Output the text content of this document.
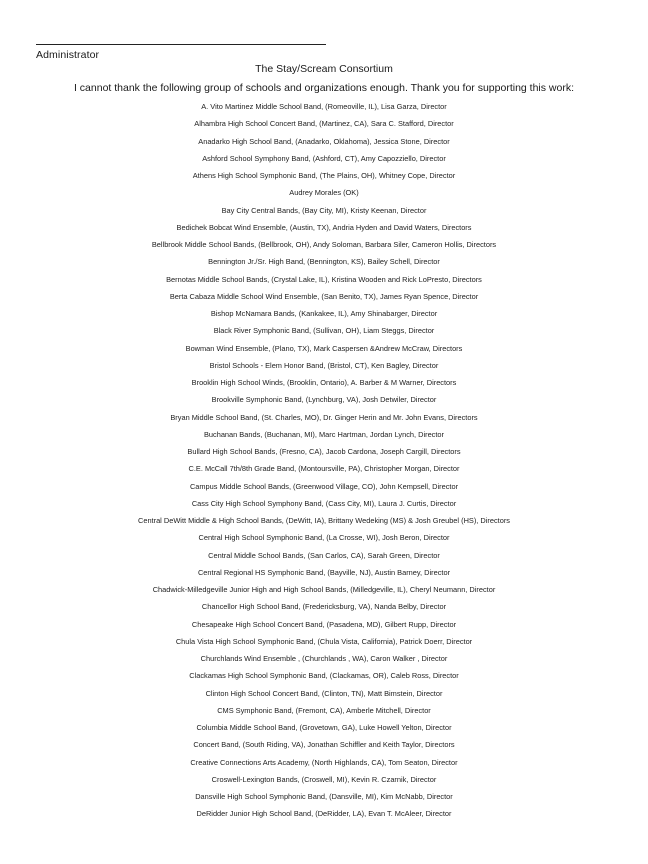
Administrator
The Stay/Scream Consortium
I cannot thank the following group of schools and organizations enough. Thank you for supporting this work:
A. Vito Martinez Middle School Band, (Romeoville, IL), Lisa Garza, Director
Alhambra High School Concert Band, (Martinez, CA), Sara C. Stafford, Director
Anadarko High School Band, (Anadarko, Oklahoma), Jessica Stone, Director
Ashford School Symphony Band, (Ashford, CT), Amy Capozziello, Director
Athens High School Symphonic Band, (The Plains, OH), Whitney Cope, Director
Audrey Morales (OK)
Bay City Central Bands, (Bay City, MI), Kristy Keenan, Director
Bedichek Bobcat Wind Ensemble, (Austin, TX), Andria Hyden and David Waters, Directors
Bellbrook Middle School Bands, (Bellbrook, OH), Andy Soloman, Barbara Siler, Cameron Hollis, Directors
Bennington Jr./Sr. High Band, (Bennington, KS), Bailey Schell, Director
Bernotas Middle School Bands, (Crystal Lake, IL), Kristina Wooden and Rick LoPresto, Directors
Berta Cabaza Middle School Wind Ensemble, (San Benito, TX), James Ryan Spence, Director
Bishop McNamara Bands, (Kankakee, IL), Amy Shinabarger, Director
Black River Symphonic Band, (Sullivan, OH), Liam Steggs, Director
Bowman Wind Ensemble, (Plano, TX), Mark Caspersen &Andrew McCraw, Directors
Bristol Schools - Elem Honor Band, (Bristol, CT), Ken Bagley, Director
Brooklin High School Winds, (Brooklin, Ontario), A. Barber & M Warner, Directors
Brookville Symphonic Band, (Lynchburg, VA), Josh Detwiler, Director
Bryan Middle School Band, (St. Charles, MO), Dr. Ginger Herin and Mr. John Evans, Directors
Buchanan Bands, (Buchanan, MI), Marc Hartman, Jordan Lynch, Director
Bullard High School Bands, (Fresno, CA), Jacob Cardona, Joseph Cargill, Directors
C.E. McCall 7th/8th Grade Band, (Montoursville, PA), Christopher Morgan, Director
Campus Middle School Bands, (Greenwood Village, CO), John Kempsell, Director
Cass City High School Symphony Band, (Cass City, MI), Laura J. Curtis, Director
Central DeWitt Middle & High School Bands, (DeWitt, IA), Brittany Wedeking (MS) & Josh Greubel (HS), Directors
Central High School Symphonic Band, (La Crosse, WI), Josh Beron, Director
Central Middle School Bands, (San Carlos, CA), Sarah Green, Director
Central Regional HS Symphonic Band, (Bayville, NJ), Austin Barney, Director
Chadwick-Milledgeville Junior High and High School Bands, (Milledgeville, IL), Cheryl Neumann, Director
Chancellor High School Band, (Fredericksburg, VA), Nanda Belby, Director
Chesapeake High School Concert Band, (Pasadena, MD), Gilbert Rupp, Director
Chula Vista High School Symphonic Band, (Chula Vista, California), Patrick Doerr, Director
Churchlands Wind Ensemble , (Churchlands , WA), Caron Walker , Director
Clackamas High School Symphonic Band, (Clackamas, OR), Caleb Ross, Director
Clinton High School Concert Band, (Clinton, TN), Matt Bimstein, Director
CMS Symphonic Band, (Fremont, CA), Amberle Mitchell, Director
Columbia Middle School Band, (Grovetown, GA), Luke Howell Yelton, Director
Concert Band, (South Riding, VA), Jonathan Schiffler and Keith Taylor, Directors
Creative Connections Arts Academy, (North Highlands, CA), Tom Seaton, Director
Croswell-Lexington Bands, (Croswell, MI), Kevin R. Czarnik, Director
Dansville High School Symphonic Band, (Dansville, MI), Kim McNabb, Director
DeRidder Junior High School Band, (DeRidder, LA), Evan T. McAleer, Director
